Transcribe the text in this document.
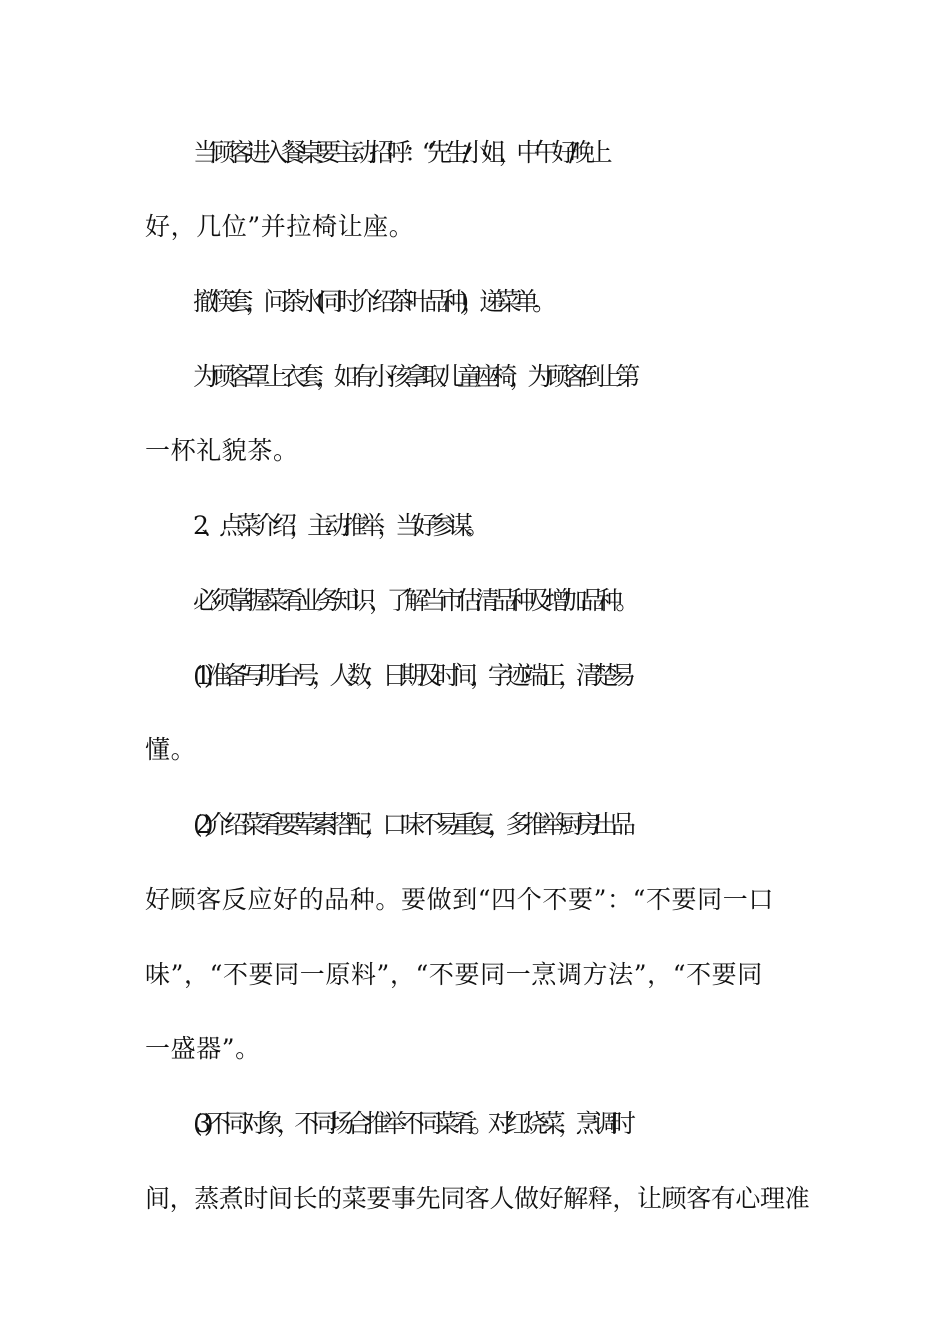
当顾客进入餐桌要主动招呼：“先生/小姐，中午好/晚上
好，几位”并拉椅让座。
撤筷套，问茶水(同时介绍茶叶品种)，递菜单。
为顾客罩上衣套，如有小孩拿取儿童座椅，为顾客倒上第
一杯礼貌茶。
2、点菜介绍，主动推举，当好参谋。
必须掌握菜肴业务知识，了解当市估清品种及增加品种。
(1)准备写明台号，人数，日期及时间，字迹端正，清楚易
懂。
(2)介绍菜肴要荤素搭配，口味不易重复，多推举厨房出品
好顾客反应好的品种。要做到“四个不要”：“不要同一口
味”，“不要同一原料”，“不要同一烹调方法”，“不要同
一盛器”。
(3)不同对象，不同场合推举不同菜肴。对红烧菜，烹调时
间，蒸煮时间长的菜要事先同客人做好解释，让顾客有心理准
